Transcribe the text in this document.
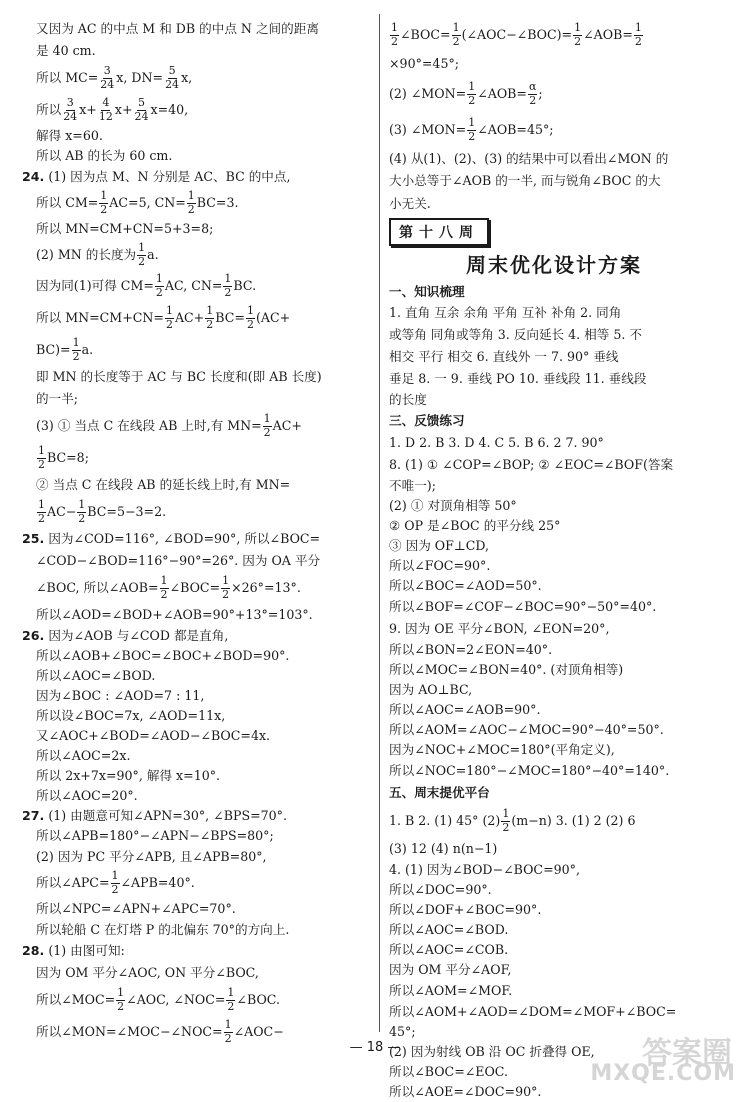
又因为 AC 的中点 M 和 DB 的中点 N 之间的距离
是 40 cm.
所以 $MC= \frac{3}{24} x$, $DN= \frac{5}{24} x$,
所以 $\frac{3}{24} x+ \frac{4}{12} x+ \frac{5}{24} x=40$,
解得 x=60.
所以 AB 的长为 60 cm.
24.
(1) 因为点 M、N 分别是 AC、BC 的中点,
所以 $CM= \frac{1}{2} AC=5$, $CN= \frac{1}{2} BC=3$.
所以 MN=CM+CN=5+3=8;
(2) MN 的长度为 $\frac{1}{2} a$.
因为同(1)可得 $CM= \frac{1}{2}$ AC, $CN= \frac{1}{2}$ BC.
所以 $MN=CM+CN= \frac{1}{2} AC+ \frac{1}{2} BC= \frac{1}{2} (AC+$
$BC)= \frac{1}{2} a$.
即 MN 的长度等于 AC 与 BC 长度和(即 AB 长度)
的一半;
(3) ① 当点 C 在线段 AB 上时,有 $MN= \frac{1}{2} AC+$
$\frac{1}{2} BC=8$;
② 当点 C 在线段 AB 的延长线上时,有 MN=
$\frac{1}{2} AC- \frac{1}{2} BC=5-3=2$.
25.
因为∠COD=116°, ∠BOD=90°, 所以∠BOC=
∠COD−∠BOD=116°−90°=26°. 因为 OA 平分
∠BOC, 所以∠AOB= $\frac{1}{2}$ ∠BOC= $\frac{1}{2} \times 26^\circ=13^\circ$.
所以∠AOD=∠BOD+∠AOB=90°+13°=103°.
26.
因为∠AOB 与∠COD 都是直角,
所以∠AOB+∠BOC=∠BOC+∠BOD=90°.
所以∠AOC=∠BOD.
因为∠BOC : ∠AOD=7 : 11,
所以设∠BOC=7x, ∠AOD=11x,
又∠AOC+∠BOD=∠AOD−∠BOC=4x.
所以∠AOC=2x.
所以 2x+7x=90°, 解得 x=10°.
所以∠AOC=20°.
27.
(1) 由题意可知∠APN=30°, ∠BPS=70°.
所以∠APB=180°−∠APN−∠BPS=80°;
(2) 因为 PC 平分∠APB, 且∠APB=80°,
所以∠APC= $\frac{1}{2}$ ∠APB=40°.
所以∠NPC=∠APN+∠APC=70°.
所以轮船 C 在灯塔 P 的北偏东 70°的方向上.
28.
(1) 由图可知:
因为 OM 平分∠AOC, ON 平分∠BOC,
所以∠MOC= $\frac{1}{2}$ ∠AOC, ∠NOC= $\frac{1}{2}$ ∠BOC.
所以∠MON=∠MOC−∠NOC= $\frac{1}{2}$ ∠AOC−
$\frac{1}{2}$ ∠BOC= $\frac{1}{2}$ (∠AOC−∠BOC)= $\frac{1}{2}$ ∠AOB= $\frac{1}{2}$
×90°=45°;
(2) ∠MON= $\frac{1}{2}$ ∠AOB= $\frac{\alpha}{2}$ ;
(3) ∠MON= $\frac{1}{2}$ ∠AOB=45°;
(4) 从(1)、(2)、(3) 的结果中可以看出∠MON 的
大小总等于∠AOB 的一半, 而与锐角∠BOC 的大
小无关.
第十八周
周末优化设计方案
一、知识梳理
1. 直角 互余 余角 平角 互补 补角 2. 同角
或等角 同角或等角 3. 反向延长 4. 相等 5. 不
相交 平行 相交 6. 直线外 一 7. 90° 垂线
垂足 8. 一 9. 垂线 PO 10. 垂线段 11. 垂线段
的长度
三、反馈练习
1. D 2. B 3. D 4. C 5. B 6. 2 7. 90°
8. (1) ① ∠COP=∠BOP; ② ∠EOC=∠BOF(答案
不唯一);
(2) ① 对顶角相等 50°
② OP 是∠BOC 的平分线 25°
③ 因为 OF⊥CD,
所以∠FOC=90°.
所以∠BOC=∠AOD=50°.
所以∠BOF=∠COF−∠BOC=90°−50°=40°.
9. 因为 OE 平分∠BON, ∠EON=20°,
所以∠BON=2∠EON=40°.
所以∠MOC=∠BON=40°. (对顶角相等)
因为 AO⊥BC,
所以∠AOC=∠AOB=90°.
所以∠AOM=∠AOC−∠MOC=90°−40°=50°.
因为∠NOC+∠MOC=180°(平角定义),
所以∠NOC=180°−∠MOC=180°−40°=140°.
五、周末提优平台
1. B 2. (1) 45° $(2) \frac{1}{2} (m-n)$ 3. (1) 2 (2) 6
(3) 12 (4) n(n−1)
4. (1) 因为∠BOD−∠BOC=90°,
所以∠DOC=90°.
所以∠DOF+∠BOC=90°.
所以∠AOC=∠BOD.
所以∠AOC=∠COB.
因为 OM 平分∠AOF,
所以∠AOM=∠MOF.
所以∠AOM+∠AOD=∠DOM=∠MOF+∠BOC=
45°;
(2) 因为射线 OB 沿 OC 折叠得 OE,
所以∠BOC=∠EOC.
所以∠AOE=∠DOC=90°.
— 18 —	答案圈
MXQE.COM
